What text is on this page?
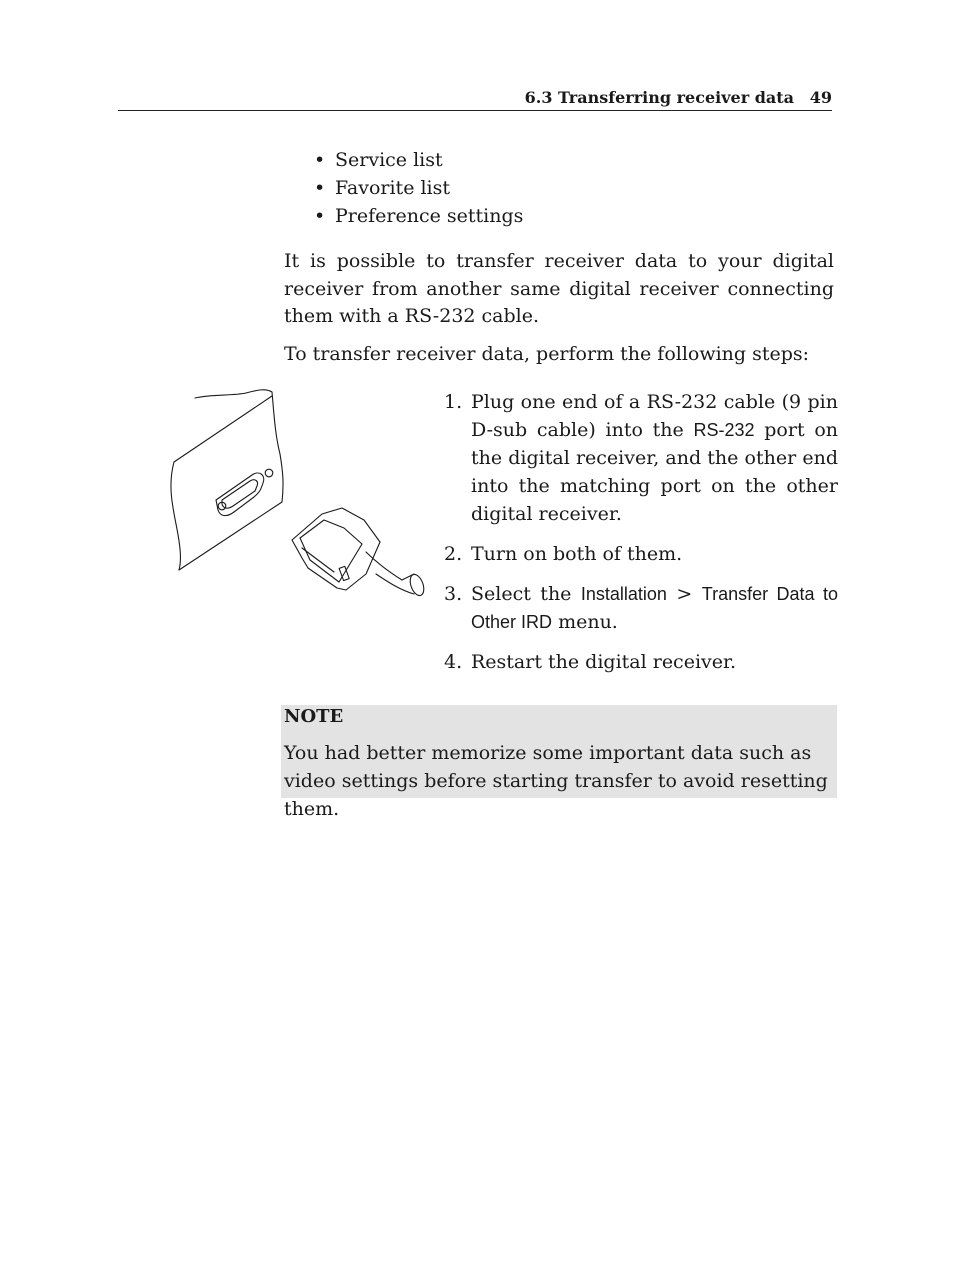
6.3 Transferring receiver data 49
• Service list
• Favorite list
• Preference settings

It is possible to transfer receiver data to your digital receiver from another same digital receiver connecting them with a RS-232 cable.

To transfer receiver data, perform the following steps:

1. Plug one end of a RS-232 cable (9 pin D-sub cable) into the RS-232 port on the digital receiver, and the other end into the matching port on the other digital receiver.
2. Turn on both of them.
3. Select the Installation > Transfer Data to Other IRD menu.
4. Restart the digital receiver.
NOTE
You had better memorize some important data such as video settings before starting transfer to avoid resetting them.
